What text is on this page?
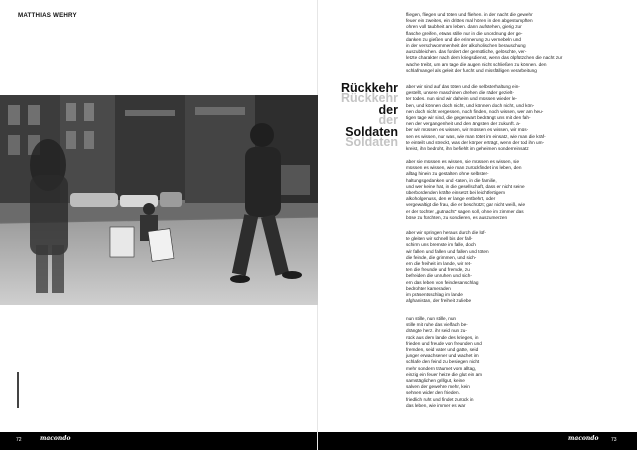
MATTHIAS WEHRY
72	macondo
Rückkehr
Rückkehr
der
der
Soldaten
Soldaten
fliegen, fliegen und töten und fliehen. in der nacht die gewehr
feuer ein zweites, ein drittes mal hören in den abgestumpften
ohren voll taubheit am leben. dann aufstehen, gierig zur
flasche greifen, etwas stille nur in die unordnung der ge-
danken zu gießen und die erinnerung zu vernebeln und
in der verschwommenheit der alkoholischen berauschung
auszubleichen. das fordert der gemütliche, gelöschte, ver-
letzte charakter nach dem kriegsdienst, wenn das ölpfützchen die nacht zur
wache treibt, um am tage die augen nicht schließen zu können. den
schlafmangel als geleit der furcht und missfälligen verarbeitung
aber wir sind auf das töten und die selbsterhaltung ein-
gestellt, unsere maschinen drehen die räder gezielt-
ter todes. nun sind wir daheim und müssen wieder le-
ben, und können doch nicht, und können doch nicht, und kön-
nen doch nicht vergessen, noch finden, noch wissen, wer am heu-
tigen tage wir sind, die gegenwart bedrängt uns mit den fah-
nen der vergangenheit und den ängsten der zukunft. a-
ber wir müssen es wissen, wir müssen es wissen, wir müs-
sen es wissen, nur was, wie man tötet im einsatz, wie man die kräf-
te einteilt und streckt, was der körper erträgt, wenn der tod ihn um-
kreist, ihn bedroht, ihn befiehlt im geheimen sonderreinsatz
aber sie müssen es wissen, sie müssen es wissen, sie
müssen es wissen, wie man zurückfindet ins leben, den
alltag hinein zu gestalten ohne selbster-
haltungsgedanken und -taten, in die familie,
und wer keine hat, in die gesellschaft, dass er nicht seine
überbordenden kräfte einsetzt bei leichtfertigem
alkoholgenuss, den er lange entbehrt, oder
vergewaltigt die frau, die er beschützt; gar nicht weiß, wie
er der tochter „gutnacht" sagen soll, ohne im zimmer das
böse zu fürchten, zu sondieren, es auszumerzen
aber wir springen heraus durch die lüf-
te gleiten wir schnell bis der fall-
schirm uns bremste im falle, doch
wir fallen und fallen und fallen und töten
die feinde, die grimmen, und sich-
ern die freiheit im lande, wir ret-
ten die freunde und fremde, zu
befreiden die unruhen und sich-
ern das leben von feindesanschlag
bedrohter kameraden
im präsentsschlag im lande
afghanistan, der freiheit zuliebe
nun stille, nun stille, nun
stille mit ruhe das vielfach be-
drängte herz. ihr seid nun zu-
rück aus dem lande des krieges, in
frieden und freude von freunden und
fremden, seid vater und gatte, seid
junger erwachsener und wachet im
schlafe den feind zu besiegen nicht
mehr sondern träumet vom alltag,
einzig ein feuer heize die glut ein am
samstäglichen grillgut, keine
salven der gewehre mehr, kein
sehnen wider den frieden.
friedlich ruht und findet zurück in
das leben, wie immer es war
macondo	73
